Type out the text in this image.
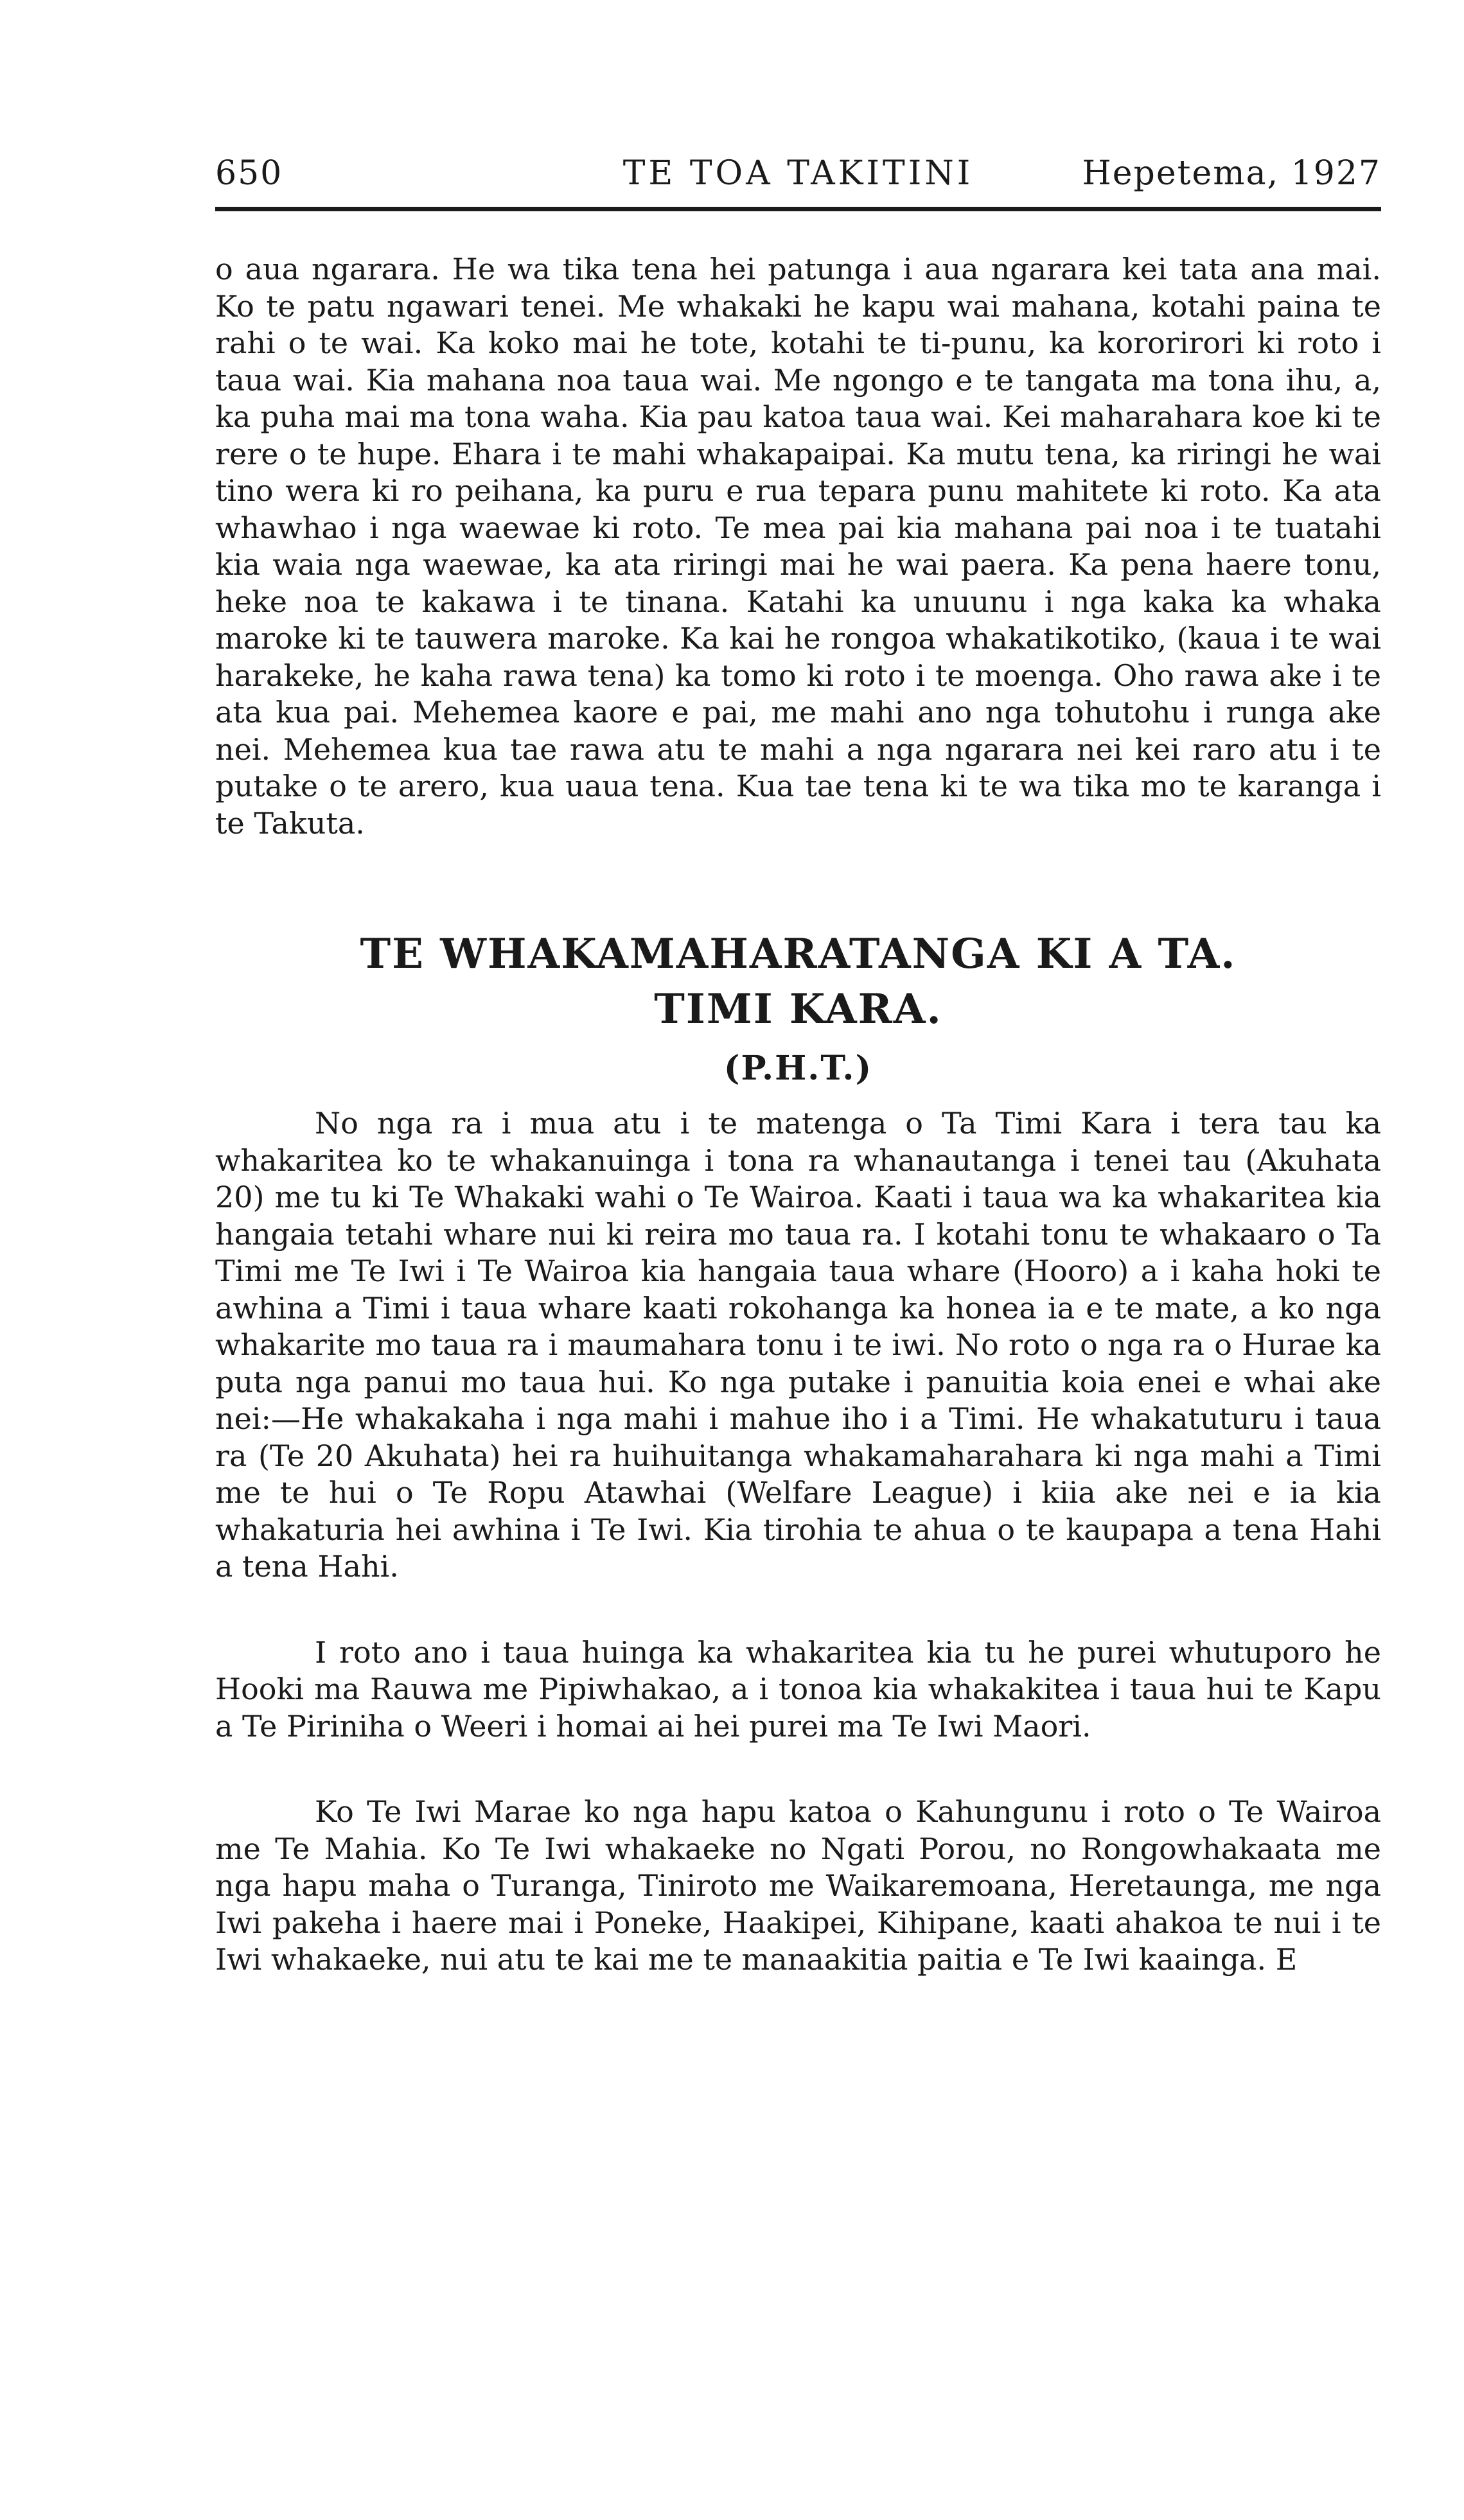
650	TE TOA TAKITINI	Hepetema, 1927

o aua ngarara. He wa tika tena hei patunga i aua ngarara kei tata ana mai. Ko te patu ngawari tenei. Me whakaki he kapu wai mahana, kotahi paina te rahi o te wai. Ka koko mai he tote, kotahi te ti-punu, ka kororirori ki roto i taua wai. Kia mahana noa taua wai. Me ngongo e te tangata ma tona ihu, a, ka puha mai ma tona waha. Kia pau katoa taua wai. Kei maharahara koe ki te rere o te hupe. Ehara i te mahi whakapaipai. Ka mutu tena, ka riringi he wai tino wera ki ro peihana, ka puru e rua tepara punu mahitete ki roto. Ka ata whawhao i nga waewae ki roto. Te mea pai kia mahana pai noa i te tuatahi kia waia nga waewae, ka ata riringi mai he wai paera. Ka pena haere tonu, heke noa te kakawa i te tinana. Katahi ka unuunu i nga kaka ka whaka maroke ki te tauwera maroke. Ka kai he rongoa whakatikotiko, (kaua i te wai harakeke, he kaha rawa tena) ka tomo ki roto i te moenga. Oho rawa ake i te ata kua pai. Mehemea kaore e pai, me mahi ano nga tohutohu i runga ake nei. Mehemea kua tae rawa atu te mahi a nga ngarara nei kei raro atu i te putake o te arero, kua uaua tena. Kua tae tena ki te wa tika mo te karanga i te Takuta.

TE WHAKAMAHARATANGA KI A TA.
TIMI KARA.
(P.H.T.)

No nga ra i mua atu i te matenga o Ta Timi Kara i tera tau ka whakaritea ko te whakanuinga i tona ra whanautanga i tenei tau (Akuhata 20) me tu ki Te Whakaki wahi o Te Wairoa. Kaati i taua wa ka whakaritea kia hangaia tetahi whare nui ki reira mo taua ra. I kotahi tonu te whakaaro o Ta Timi me Te Iwi i Te Wairoa kia hangaia taua whare (Hooro) a i kaha hoki te awhina a Timi i taua whare kaati rokohanga ka honea ia e te mate, a ko nga whakarite mo taua ra i maumahara tonu i te iwi. No roto o nga ra o Hurae ka puta nga panui mo taua hui. Ko nga putake i panuitia koia enei e whai ake nei:—He whakakaha i nga mahi i mahue iho i a Timi. He whakatuturu i taua ra (Te 20 Akuhata) hei ra huihuitanga whakamaharahara ki nga mahi a Timi me te hui o Te Ropu Atawhai (Welfare League) i kiia ake nei e ia kia whakaturia hei awhina i Te Iwi. Kia tirohia te ahua o te kaupapa a tena Hahi a tena Hahi.

I roto ano i taua huinga ka whakaritea kia tu he purei whutuporo he Hooki ma Rauwa me Pipiwhakao, a i tonoa kia whakakitea i taua hui te Kapu a Te Piriniha o Weeri i homai ai hei purei ma Te Iwi Maori.

Ko Te Iwi Marae ko nga hapu katoa o Kahungunu i roto o Te Wairoa me Te Mahia. Ko Te Iwi whakaeke no Ngati Porou, no Rongowhakaata me nga hapu maha o Turanga, Tiniroto me Waikaremoana, Heretaunga, me nga Iwi pakeha i haere mai i Poneke, Haakipei, Kihipane, kaati ahakoa te nui i te Iwi whakaeke, nui atu te kai me te manaakitia paitia e Te Iwi kaainga. E
